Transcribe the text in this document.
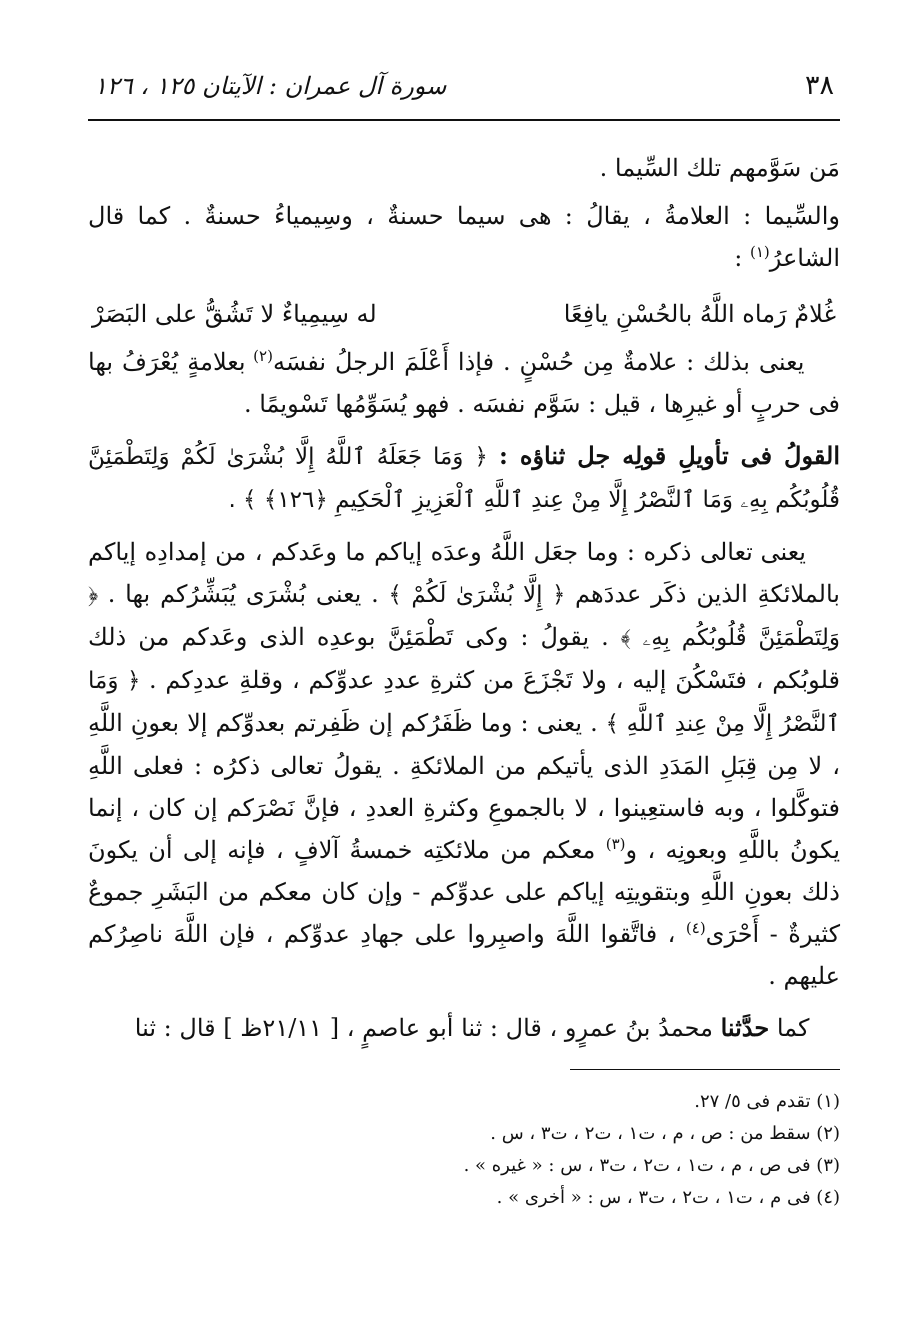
٣٨
سورة آل عمران : الآيتان ١٢٥ ، ١٢٦

مَن سَوَّمهم تلك السِّيما .

والسِّيما : العلامةُ ، يقالُ : هى سيما حسنةٌ ، وسِيمياءُ حسنةٌ . كما قال الشاعرُ$^{(١)}$ :

غُلامٌ رَماه اللَّهُ بالحُسْنِ يافِعًا
له سِيمِياءٌ لا تَشُقُّ على البَصَرْ

يعنى بذلك : علامةٌ مِن حُسْنٍ . فإذا أَعْلَمَ الرجلُ نفسَه$^{(٢)}$ بعلامةٍ يُعْرَفُ بها فى حربٍ أو غيرِها ، قيل : سَوَّم نفسَه . فهو يُسَوِّمُها تَسْويمًا .

القولُ فى تأويلِ قولِه جل ثناؤه : ﴿ وَمَا جَعَلَهُ ٱللَّهُ إِلَّا بُشْرَىٰ لَكُمْ وَلِتَطْمَئِنَّ قُلُوبُكُم بِهِۦ وَمَا ٱلنَّصْرُ إِلَّا مِنْ عِندِ ٱللَّهِ ٱلْعَزِيزِ ٱلْحَكِيمِ ﴿١٢٦﴾ ﴾ .

يعنى تعالى ذكره : وما جعَل اللَّهُ وعدَه إياكم ما وعَدكم ، من إمدادِه إياكم بالملائكةِ الذين ذكَر عددَهم ﴿ إِلَّا بُشْرَىٰ لَكُمْ ﴾ . يعنى بُشْرَى يُبَشِّرُكم بها . ﴿ وَلِتَطْمَئِنَّ قُلُوبُكُم بِهِۦ ﴾ . يقولُ : وكى تَطْمَئِنَّ بوعدِه الذى وعَدكم من ذلك قلوبُكم ، فتَسْكُنَ إليه ، ولا تَجْزَعَ من كثرةِ عددِ عدوِّكم ، وقلةِ عددِكم . ﴿ وَمَا ٱلنَّصْرُ إِلَّا مِنْ عِندِ ٱللَّهِ ﴾ . يعنى : وما ظَفَرُكم إن ظَفِرتم بعدوِّكم إلا بعونِ اللَّهِ ، لا مِن قِبَلِ المَدَدِ الذى يأتيكم من الملائكةِ . يقولُ تعالى ذكرُه : فعلى اللَّهِ فتوكَّلوا ، وبه فاستعِينوا ، لا بالجموعِ وكثرةِ العددِ ، فإنَّ نَصْرَكم إن كان ، إنما يكونُ باللَّهِ وبعونِه ، و$^{(٣)}$ معكم من ملائكتِه خمسةُ آلافٍ ، فإنه إلى أن يكونَ ذلك بعونِ اللَّهِ وبتقويتِه إياكم على عدوِّكم - وإن كان معكم من البَشَرِ جموعٌ كثيرةٌ - أَحْرَى$^{(٤)}$ ، فاتَّقوا اللَّهَ واصبِروا على جهادِ عدوِّكم ، فإن اللَّهَ ناصِرُكم عليهم .

كما حدَّثنا محمدُ بنُ عمرٍو ، قال : ثنا أبو عاصمٍ ، [ ٢١/١١ظ ] قال : ثنا

(١) تقدم فى ٥/ ٢٧.

(٢) سقط من : ص ، م ، ت١ ، ت٢ ، ت٣ ، س .

(٣) فى ص ، م ، ت١ ، ت٢ ، ت٣ ، س : « غيره » .

(٤) فى م ، ت١ ، ت٢ ، ت٣ ، س : « أخرى » .
